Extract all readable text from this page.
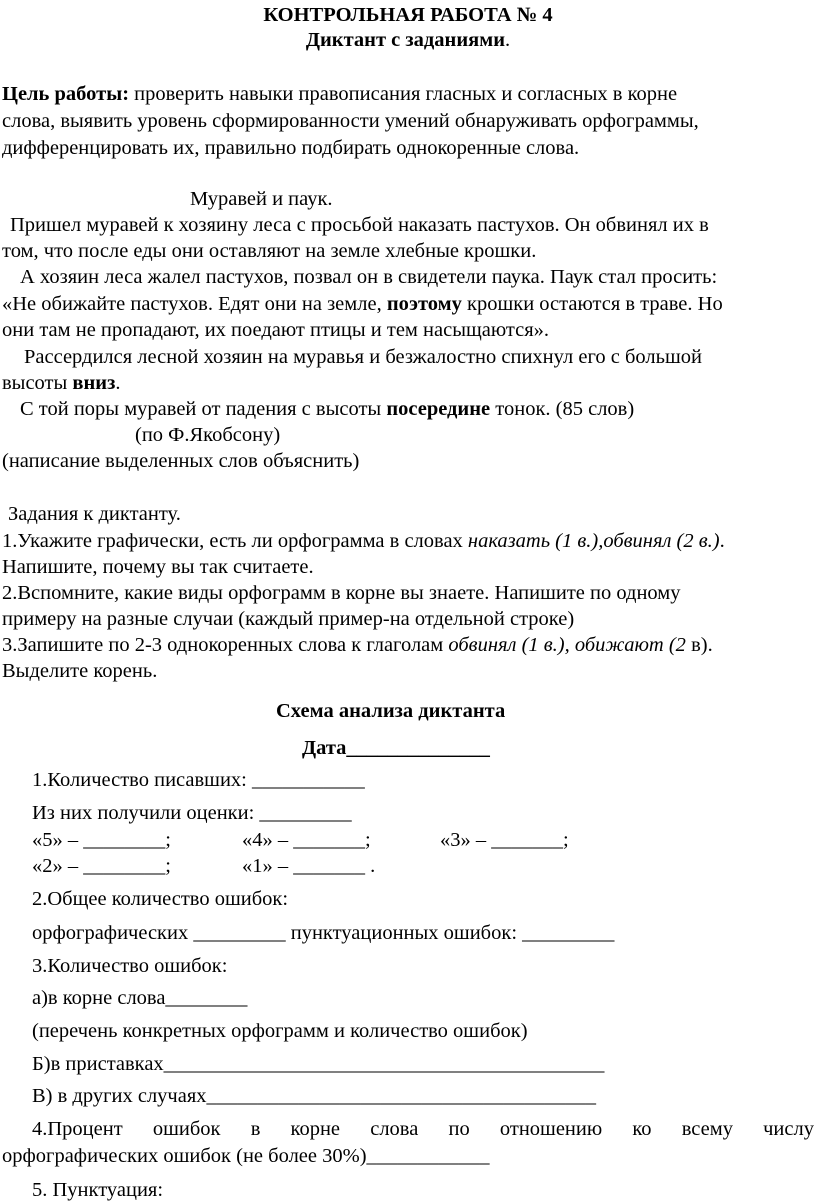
КОНТРОЛЬНАЯ РАБОТА № 4
Диктант с заданиями.
Цель работы: проверить навыки правописания гласных и согласных в корне
слова, выявить уровень сформированности умений обнаруживать орфограммы,
дифференцировать их, правильно подбирать однокоренные слова.
Муравей и паук.
Пришел муравей к хозяину леса с просьбой наказать пастухов. Он обвинял их в
том, что после еды они оставляют на земле хлебные крошки.
А хозяин леса жалел пастухов, позвал он в свидетели паука. Паук стал просить:
«Не обижайте пастухов. Едят они на земле, поэтому крошки остаются в траве. Но
они там не пропадают, их поедают птицы и тем насыщаются».
Рассердился лесной хозяин на муравья и безжалостно спихнул его с большой
высоты вниз.
С той поры муравей от падения с высоты посередине тонок. (85 слов)
(по Ф.Якобсону)
(написание выделенных слов объяснить)
Задания к диктанту.
1.Укажите графически, есть ли орфограмма в словах наказать (1 в.),обвинял (2 в.).
Напишите, почему вы так считаете.
2.Вспомните, какие виды орфограмм в корне вы знаете. Напишите по одному
примеру на разные случаи (каждый пример-на отдельной строке)
3.Запишите по 2-3 однокоренных слова к глаголам обвинял (1 в.), обижают (2 в).
Выделите корень.
Схема анализа диктанта
Дата______________
1.Количество писавших: ___________
Из них получили оценки: _________
«5» – ________;	«4» – _______;	«3» – _______;
«2» – ________;	«1» – _______ .
2.Общее количество ошибок:
орфографических _________ пунктуационных ошибок: _________
3.Количество ошибок:
а)в корне слова________
(перечень конкретных орфограмм и количество ошибок)
Б)в приставках___________________________________________
В) в других случаях______________________________________
4.Процент ошибок в корне слова по отношению ко всему числу
орфографических ошибок (не более 30%)____________
5. Пунктуация:
